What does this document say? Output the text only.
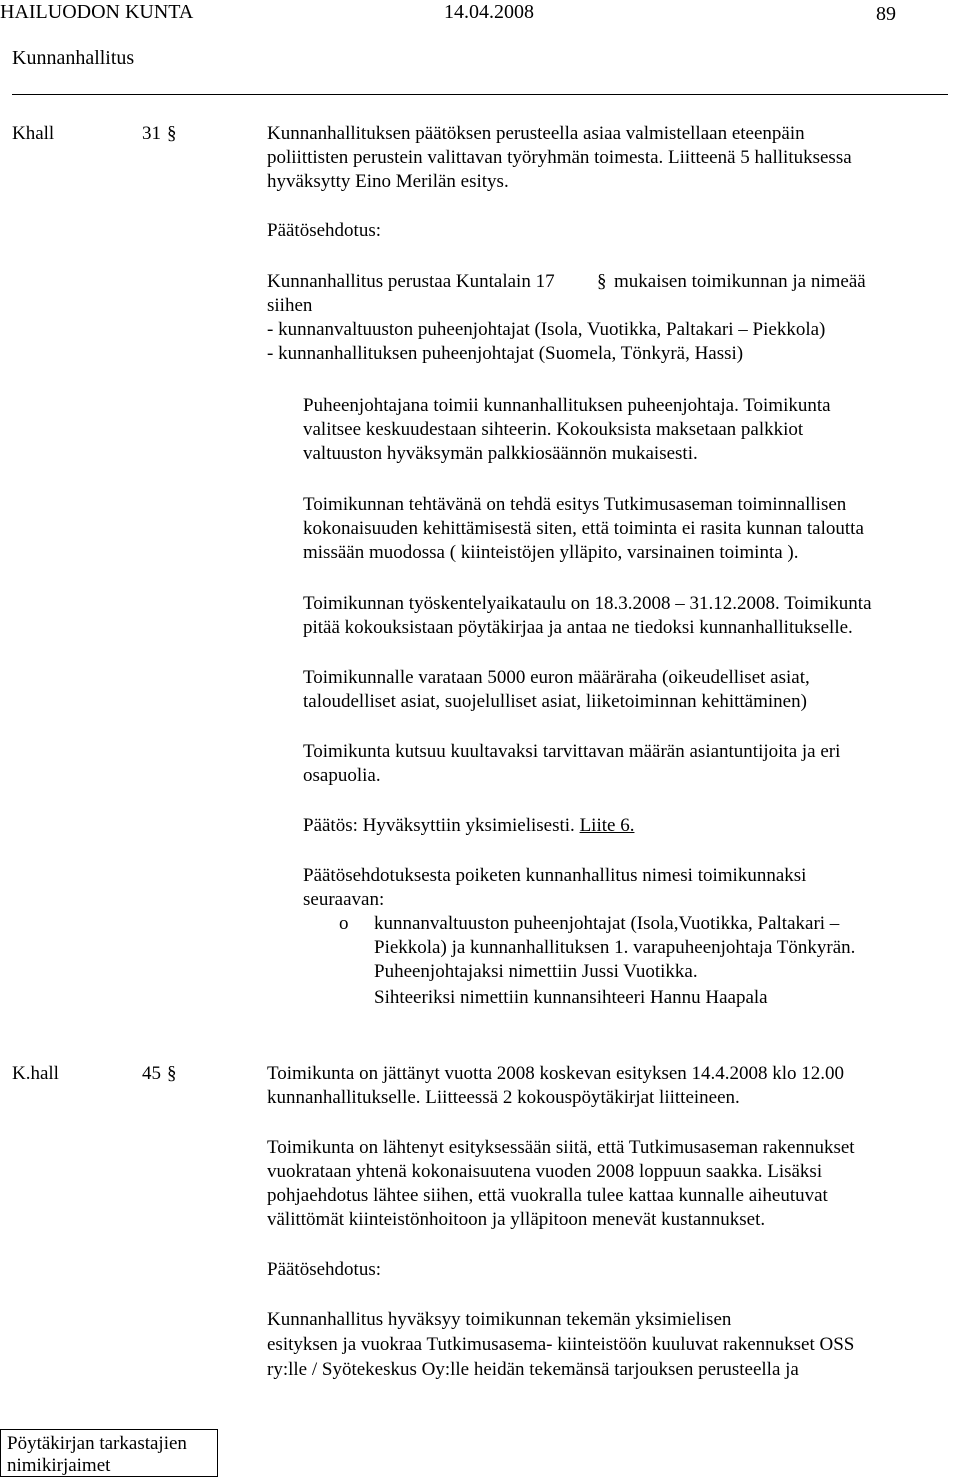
HAILUODON KUNTA	14.04.2008	89
Kunnanhallitus
Khall	31 §	Kunnanhallituksen päätöksen perusteella asiaa valmistellaan eteenpäin
poliittisten perustein valittavan työryhmän toimesta. Liitteenä 5 hallituksessa
hyväksytty Eino Merilän esitys.
Päätösehdotus:
Kunnanhallitus perustaa Kuntalain 17 § mukaisen toimikunnan ja nimeää
siihen
- kunnanvaltuuston puheenjohtajat (Isola, Vuotikka, Paltakari – Piekkola)
- kunnanhallituksen puheenjohtajat (Suomela, Tönkyrä, Hassi)
Puheenjohtajana toimii kunnanhallituksen puheenjohtaja. Toimikunta
valitsee keskuudestaan sihteerin. Kokouksista maksetaan palkkiot
valtuuston hyväksymän palkkiosäännön mukaisesti.
Toimikunnan tehtävänä on tehdä esitys Tutkimusaseman toiminnallisen
kokonaisuuden kehittämisestä siten, että toiminta ei rasita kunnan taloutta
missään muodossa ( kiinteistöjen ylläpito, varsinainen toiminta ).
Toimikunnan työskentelyaikataulu on 18.3.2008 – 31.12.2008. Toimikunta
pitää kokouksistaan pöytäkirjaa ja antaa ne tiedoksi kunnanhallitukselle.
Toimikunnalle varataan 5000 euron määräraha (oikeudelliset asiat,
taloudelliset asiat, suojelulliset asiat, liiketoiminnan kehittäminen)
Toimikunta kutsuu kuultavaksi tarvittavan määrän asiantuntijoita ja eri
osapuolia.
Päätös: Hyväksyttiin yksimielisesti. Liite 6.
Päätösehdotuksesta poiketen kunnanhallitus nimesi toimikunnaksi
seuraavan:
o kunnanvaltuuston puheenjohtajat (Isola,Vuotikka, Paltakari –
Piekkola) ja kunnanhallituksen 1. varapuheenjohtaja Tönkyrän.
Puheenjohtajaksi nimettiin Jussi Vuotikka.
Sihteeriksi nimettiin kunnansihteeri Hannu Haapala
K.hall	45 §	Toimikunta on jättänyt vuotta 2008 koskevan esityksen 14.4.2008 klo 12.00
kunnanhallitukselle. Liitteessä 2 kokouspöytäkirjat liitteineen.
Toimikunta on lähtenyt esityksessään siitä, että Tutkimusaseman rakennukset
vuokrataan yhtenä kokonaisuutena vuoden 2008 loppuun saakka. Lisäksi
pohjaehdotus lähtee siihen, että vuokralla tulee kattaa kunnalle aiheutuvat
välittömät kiinteistönhoitoon ja ylläpitoon menevät kustannukset.
Päätösehdotus:
Kunnanhallitus hyväksyy toimikunnan tekemän yksimielisen
esityksen ja vuokraa Tutkimusasema- kiinteistöön kuuluvat rakennukset OSS
ry:lle / Syötekeskus Oy:lle heidän tekemänsä tarjouksen perusteella ja
Pöytäkirjan tarkastajien
nimikirjaimet
